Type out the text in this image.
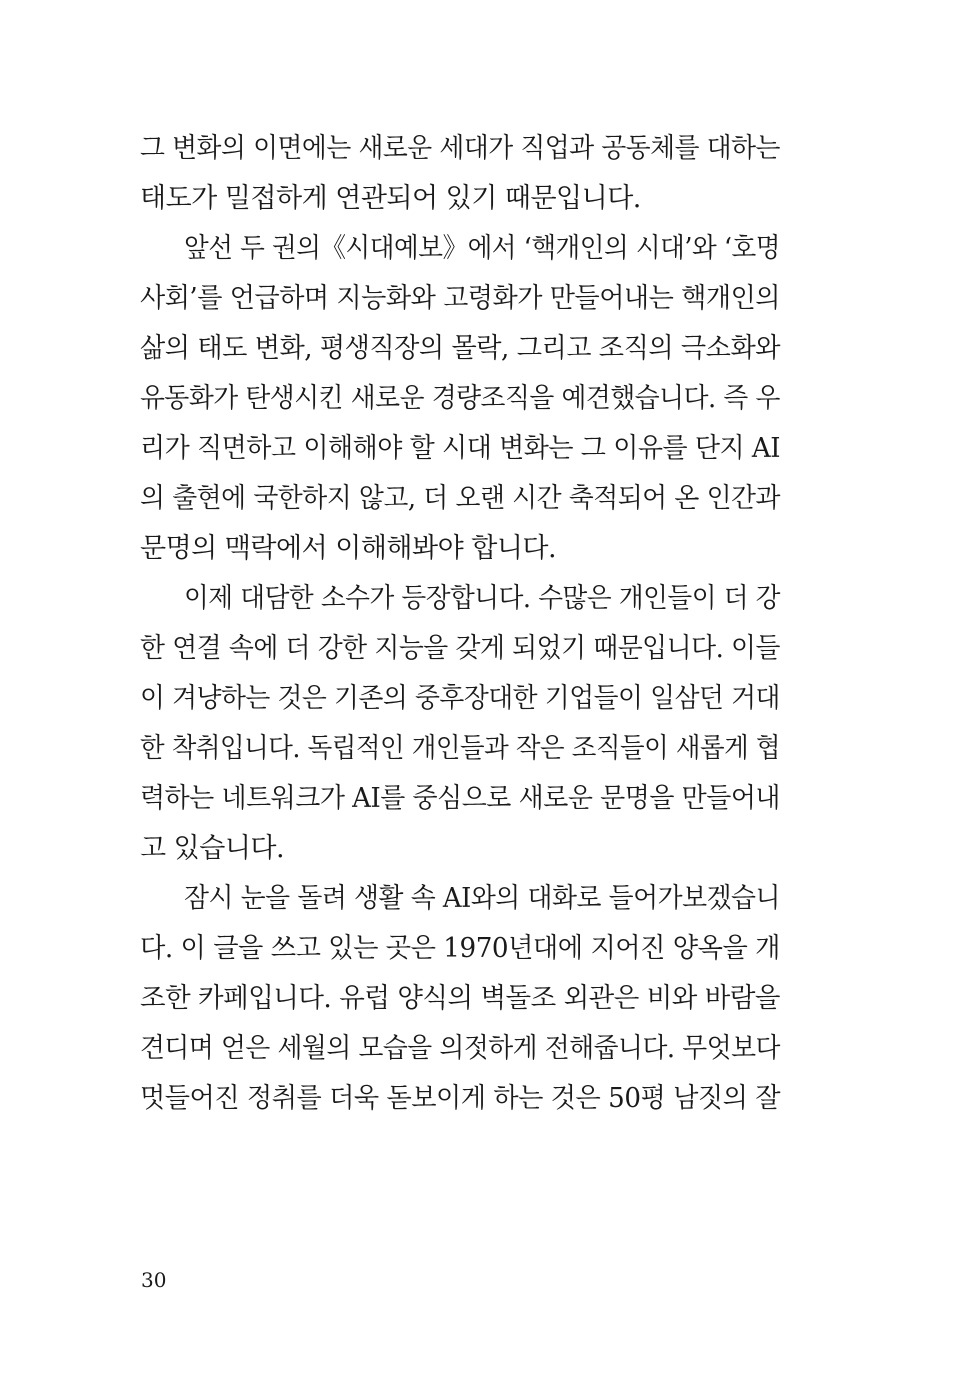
그 변화의 이면에는 새로운 세대가 직업과 공동체를 대하는
태도가 밀접하게 연관되어 있기 때문입니다.
앞선 두 권의《시대예보》에서 ‘핵개인의 시대’와 ‘호명
사회’를 언급하며 지능화와 고령화가 만들어내는 핵개인의
삶의 태도 변화, 평생직장의 몰락, 그리고 조직의 극소화와
유동화가 탄생시킨 새로운 경량조직을 예견했습니다. 즉 우
리가 직면하고 이해해야 할 시대 변화는 그 이유를 단지 AI
의 출현에 국한하지 않고, 더 오랜 시간 축적되어 온 인간과
문명의 맥락에서 이해해봐야 합니다.
이제 대담한 소수가 등장합니다. 수많은 개인들이 더 강
한 연결 속에 더 강한 지능을 갖게 되었기 때문입니다. 이들
이 겨냥하는 것은 기존의 중후장대한 기업들이 일삼던 거대
한 착취입니다. 독립적인 개인들과 작은 조직들이 새롭게 협
력하는 네트워크가 AI를 중심으로 새로운 문명을 만들어내
고 있습니다.
잠시 눈을 돌려 생활 속 AI와의 대화로 들어가보겠습니
다. 이 글을 쓰고 있는 곳은 1970년대에 지어진 양옥을 개
조한 카페입니다. 유럽 양식의 벽돌조 외관은 비와 바람을
견디며 얻은 세월의 모습을 의젓하게 전해줍니다. 무엇보다
멋들어진 정취를 더욱 돋보이게 하는 것은 50평 남짓의 잘
30
